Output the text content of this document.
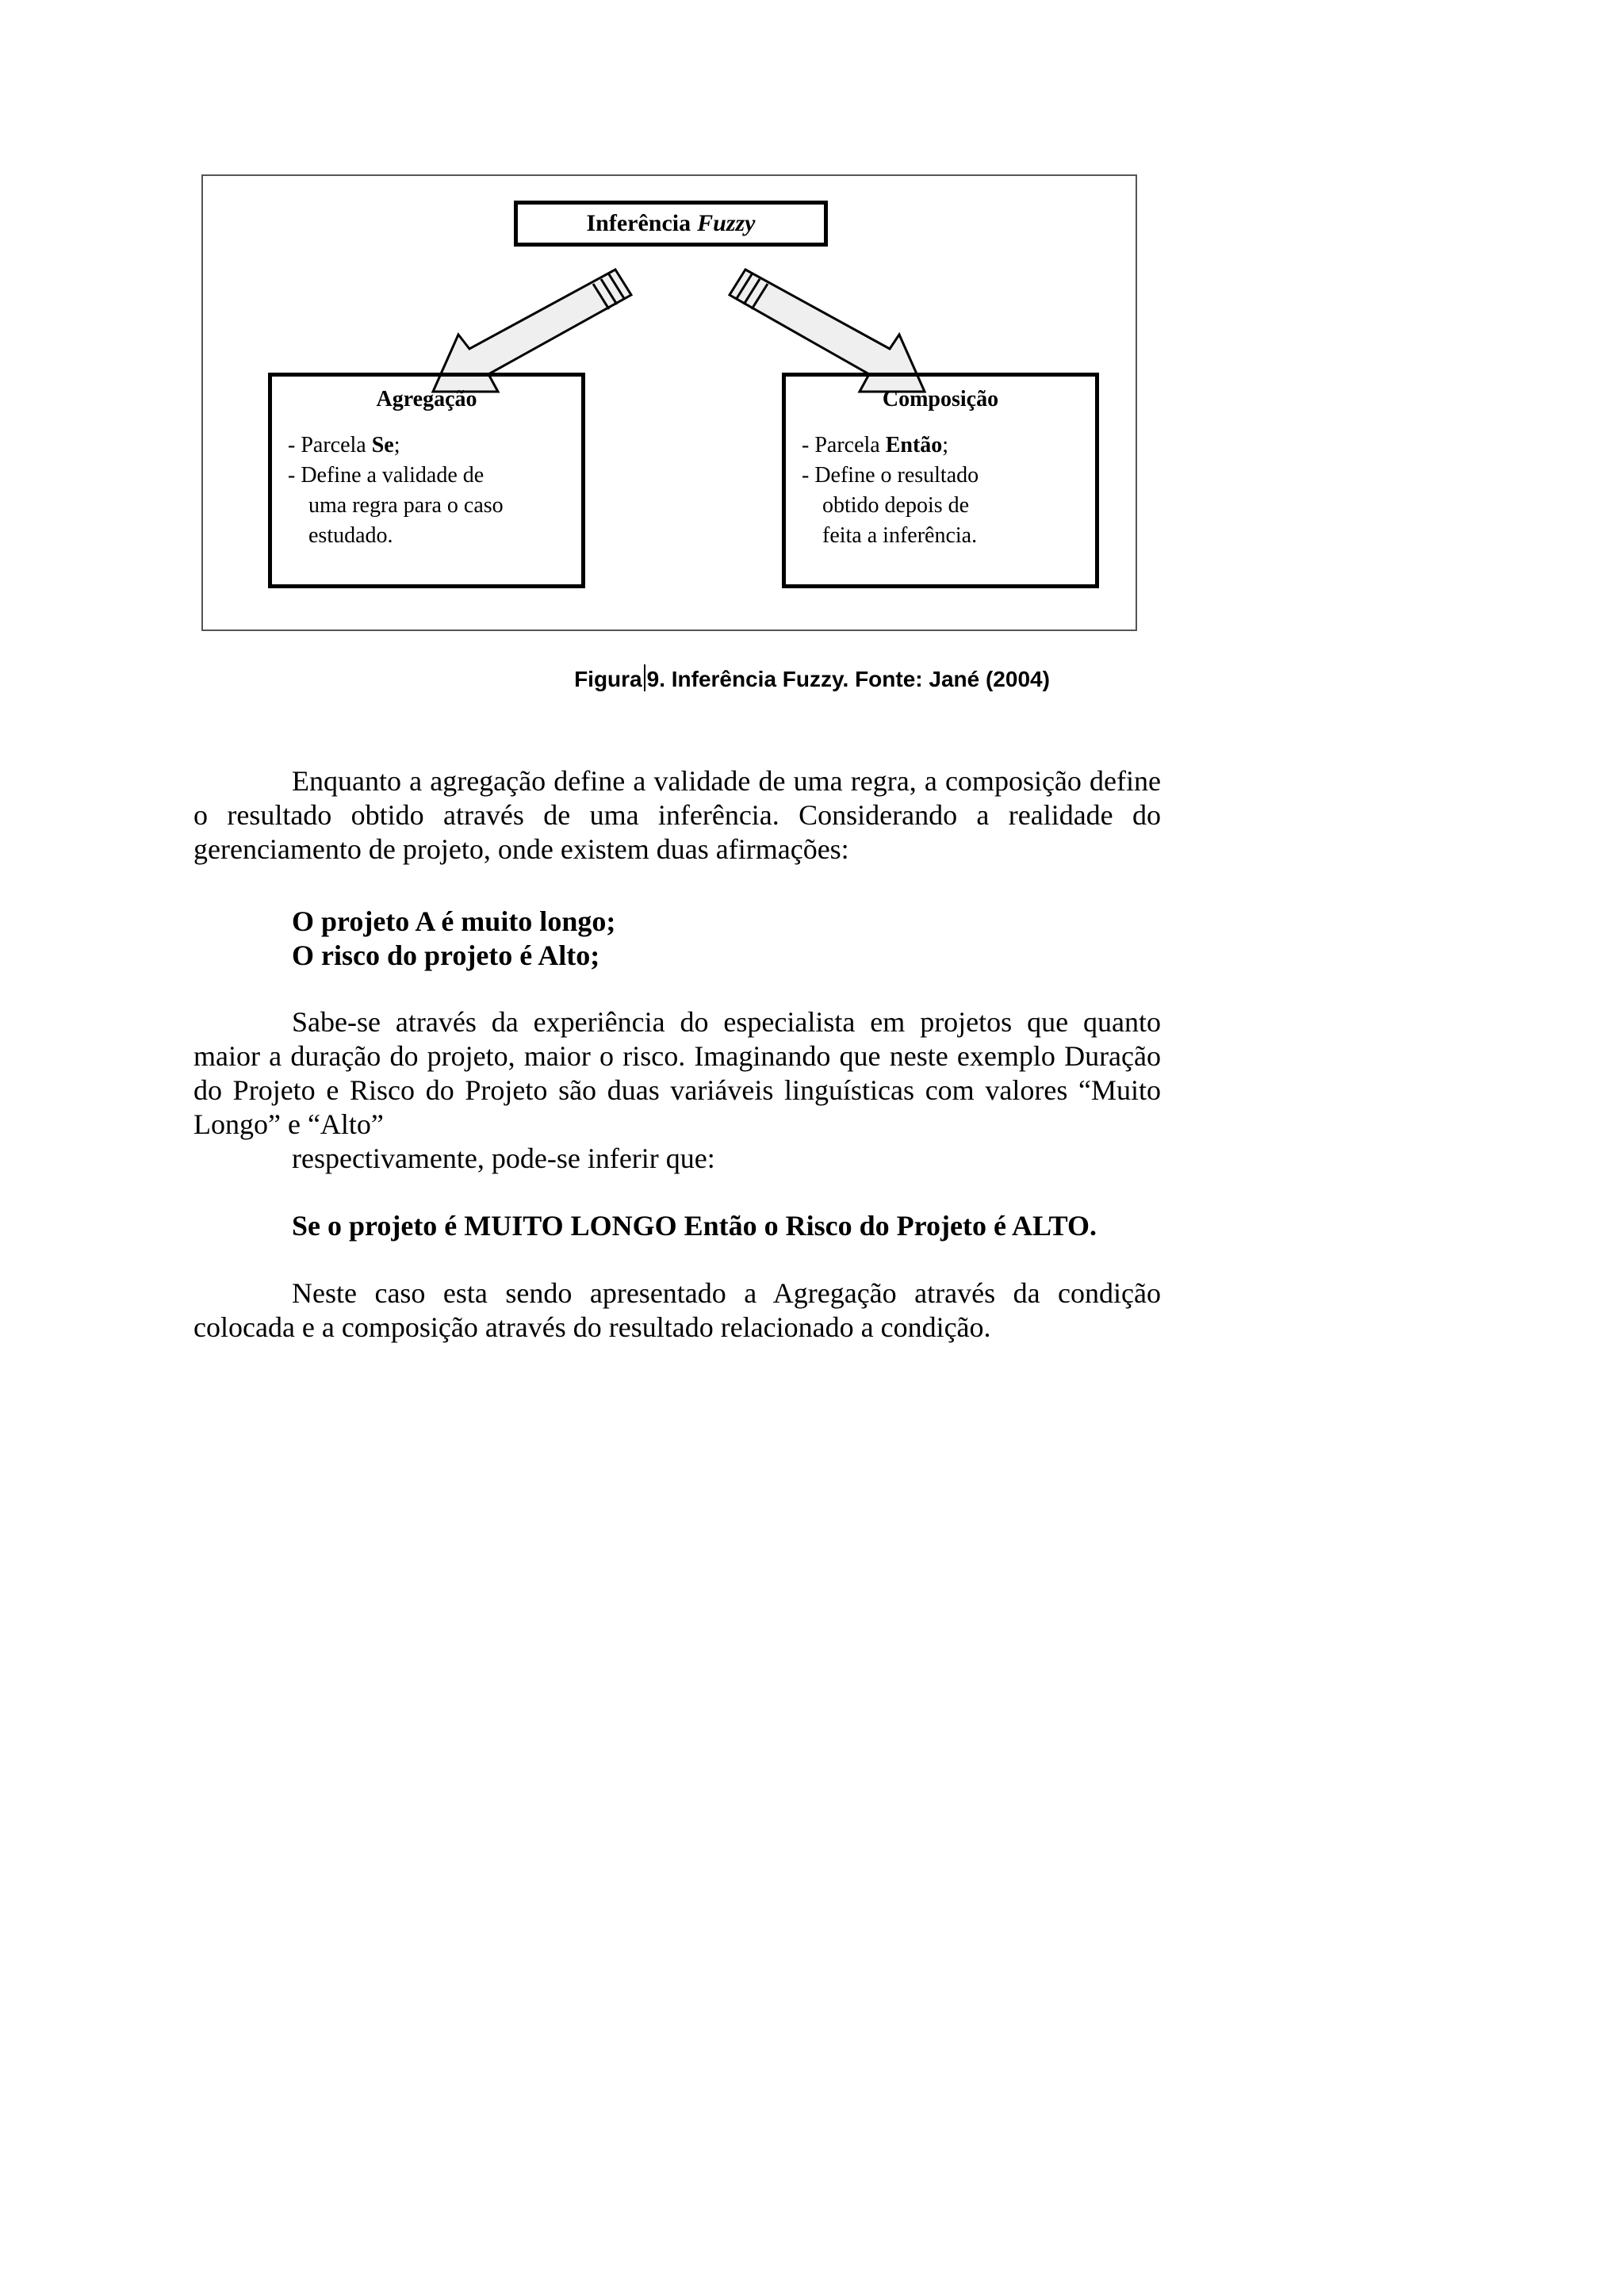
Inferência Fuzzy
Agregação
- Parcela Se;
- Define a validade de
uma regra para o caso
estudado.
Composição
- Parcela Então;
- Define o resultado
obtido depois de
feita a inferência.
Figura 9. Inferência Fuzzy. Fonte: Jané (2004)
Enquanto a agregação define a validade de uma regra, a composição define o resultado obtido através de uma inferência. Considerando a realidade do gerenciamento de projeto, onde existem duas afirmações:
O projeto A é muito longo;
O risco do projeto é Alto;
Sabe-se através da experiência do especialista em projetos que quanto maior a duração do projeto, maior o risco. Imaginando que neste exemplo Duração do Projeto e Risco do Projeto são duas variáveis linguísticas com valores “Muito Longo” e “Alto”
respectivamente, pode-se inferir que:
Se o projeto é MUITO LONGO Então o Risco do Projeto é ALTO.
Neste caso esta sendo apresentado a Agregação através da condição colocada e a composição através do resultado relacionado a condição.
